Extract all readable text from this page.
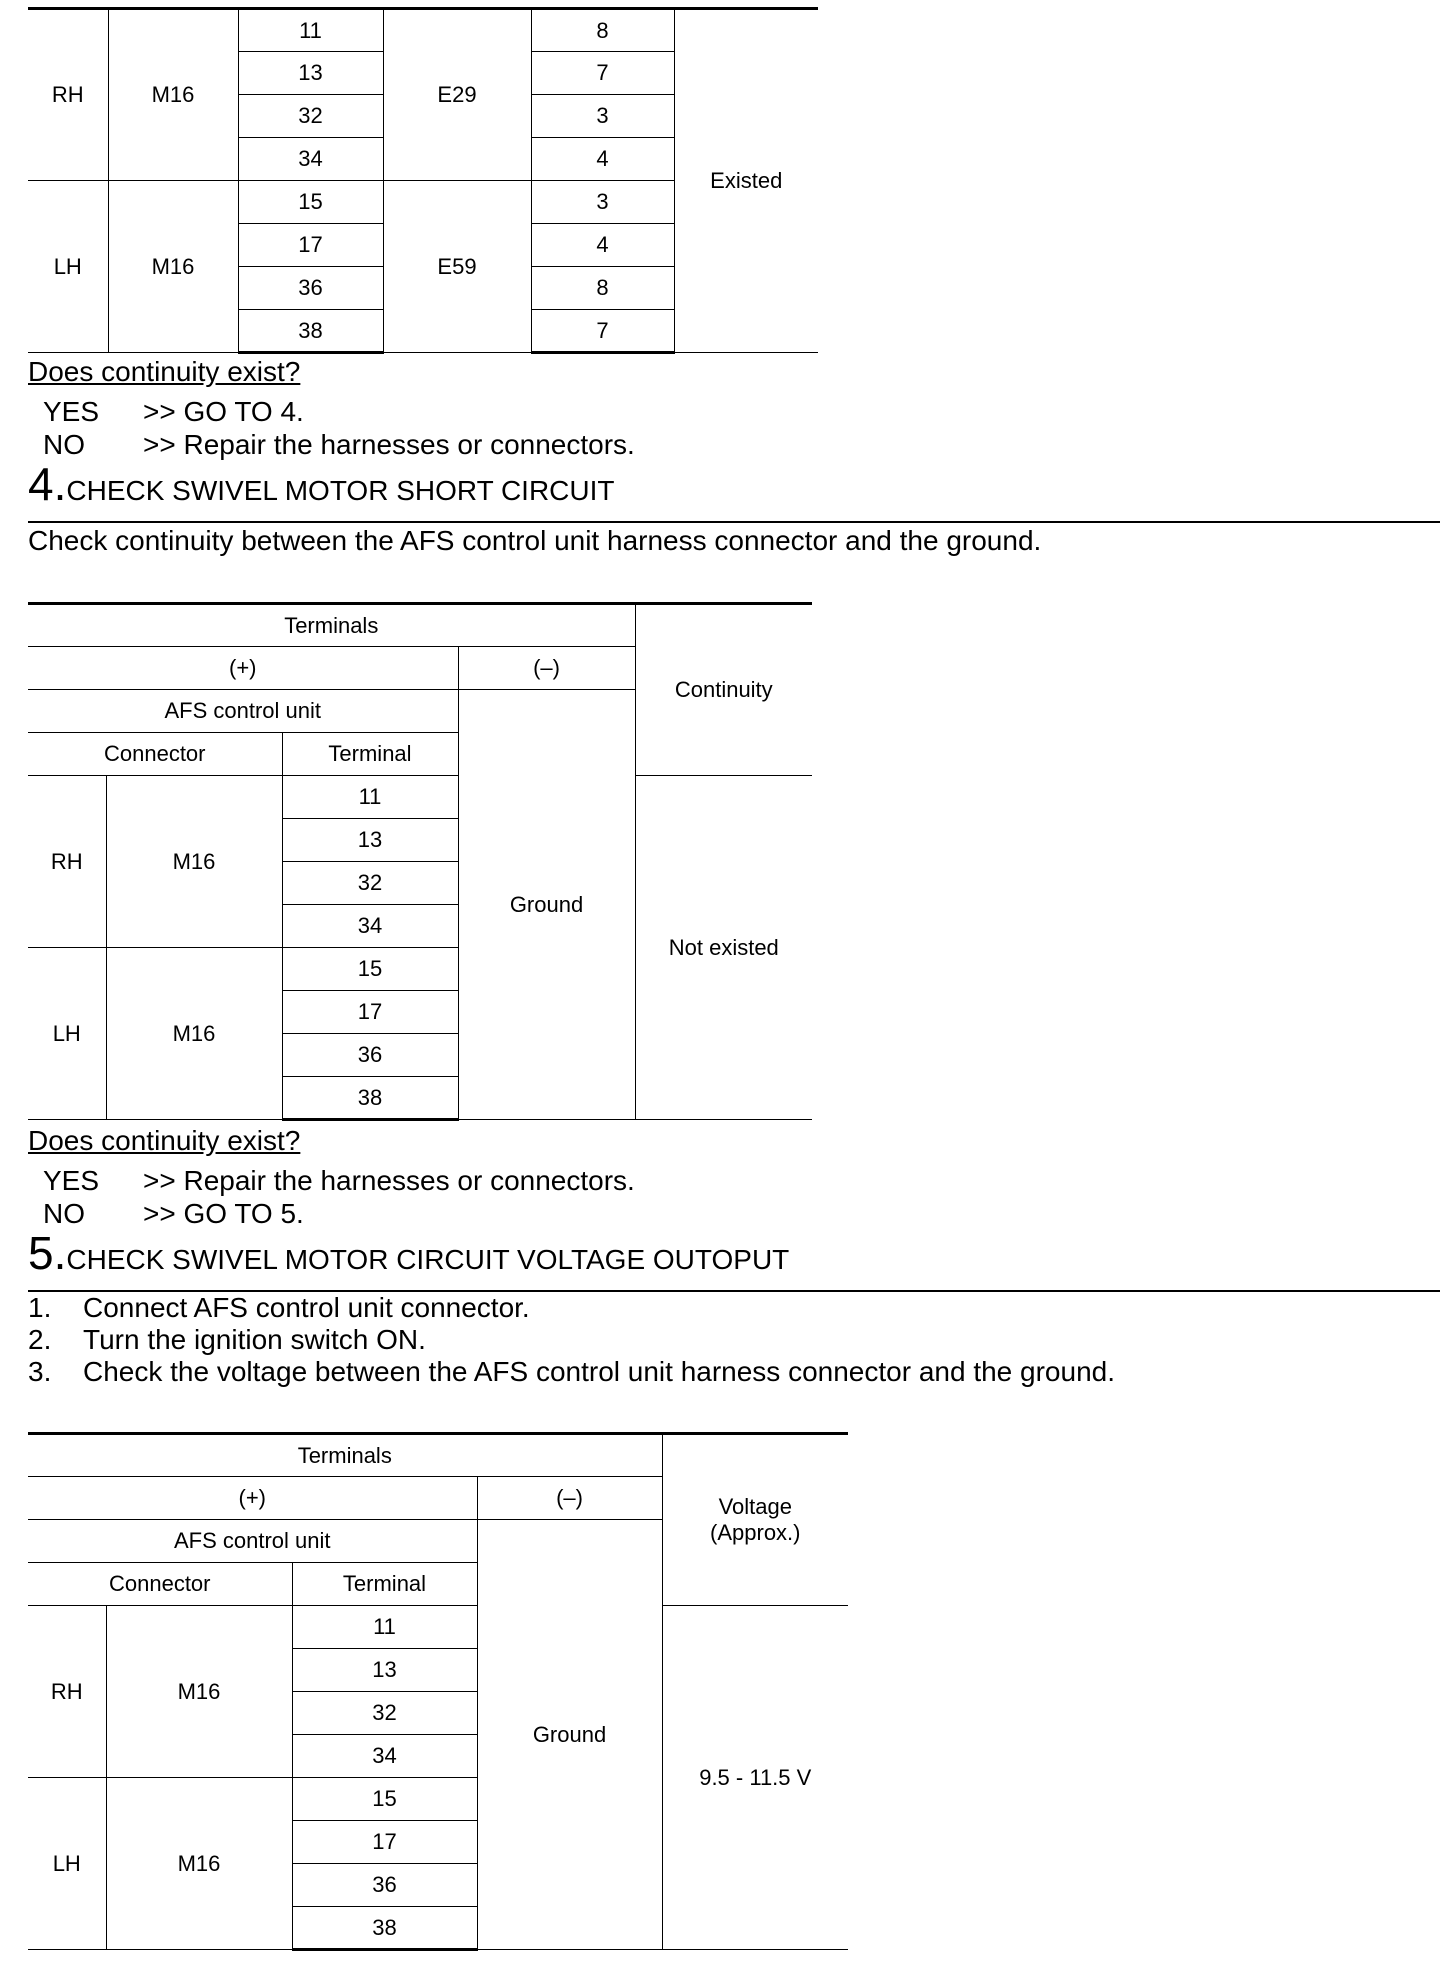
RH	M16	11	E29	8	Existed
		13		7	
		32		3	
		34		4	
LH	M16	15	E59	3	
		17		4	
		36		8	
		38		7	
Does continuity exist?
YES >> GO TO 4.
NO >> Repair the harnesses or connectors.
4.CHECK SWIVEL MOTOR SHORT CIRCUIT
Check continuity between the AFS control unit harness connector and the ground.
Terminals				Continuity
(+)			(–)	
AFS control unit			Ground	
Connector		Terminal		
RH	M16	11		Not existed
		13		
		32		
		34		
LH	M16	15		
		17		
		36		
		38		
Does continuity exist?
YES >> Repair the harnesses or connectors.
NO >> GO TO 5.
5.CHECK SWIVEL MOTOR CIRCUIT VOLTAGE OUTOPUT
1. Connect AFS control unit connector.
2. Turn the ignition switch ON.
3. Check the voltage between the AFS control unit harness connector and the ground.
Terminals				Voltage
(Approx.)

(+)			(–)	
AFS control unit			Ground	
Connector		Terminal		
RH	M16	11		9.5 - 11.5 V
		13		
		32		
		34		
LH	M16	15		
		17		
		36		
		38		
